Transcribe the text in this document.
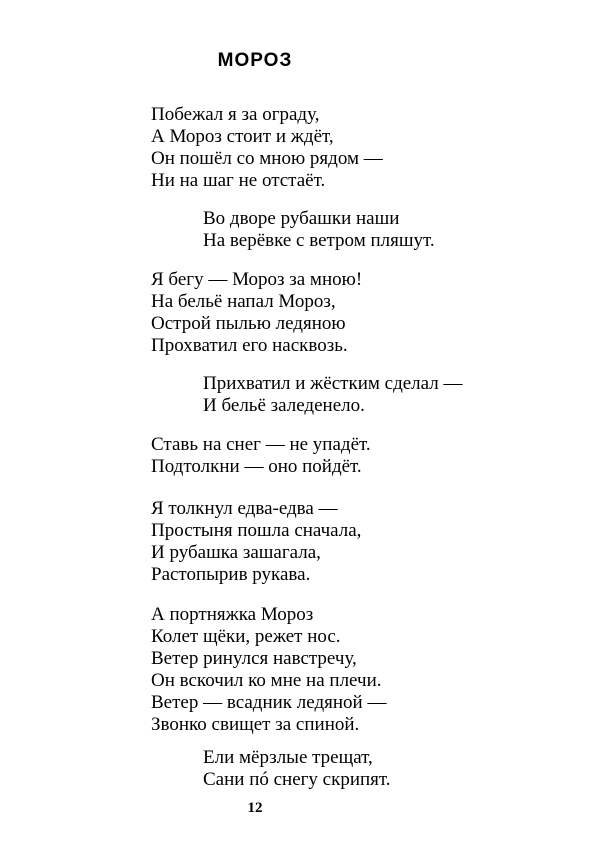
МОРОЗ
Побежал я за ограду,
А Мороз стоит и ждёт,
Он пошёл со мною рядом —
Ни на шаг не отстаёт.
Во дворе рубашки наши
На верёвке с ветром пляшут.
Я бегу — Мороз за мною!
На бельё напал Мороз,
Острой пылью ледяною
Прохватил его насквозь.
Прихватил и жёстким сделал —
И бельё заледенело.
Ставь на снег — не упадёт.
Подтолкни — оно пойдёт.
Я толкнул едва-едва —
Простыня пошла сначала,
И рубашка зашагала,
Растопырив рукава.
А портняжка Мороз
Колет щёки, режет нос.
Ветер ринулся навстречу,
Он вскочил ко мне на плечи.
Ветер — всадник ледяной —
Звонко свищет за спиной.
Ели мёрзлые трещат,
Сани пó снегу скрипят.
12
